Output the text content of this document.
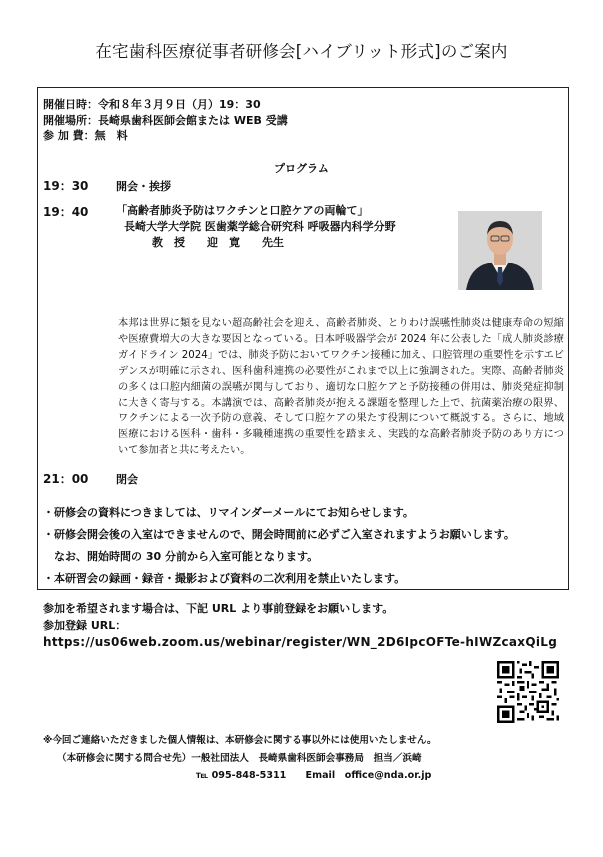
在宅歯科医療従事者研修会[ハイブリット形式]のご案内
開催日時：令和８年３月９日（月）19：30
開催場所：長崎県歯科医師会館または WEB 受講
参 加 費：無　料
プログラム
19：30	開会・挨拶
19：40	「高齢者肺炎予防はワクチンと口腔ケアの両輪て」
長崎大学大学院 医歯薬学総合研究科 呼吸器内科学分野
教　授　　迎　寛　　先生
本邦は世界に類を見ない超高齢社会を迎え、高齢者肺炎、とりわけ誤嚥性肺炎は健康寿命の短縮や医療費増大の大きな要因となっている。日本呼吸器学会が 2024 年に公表した「成人肺炎診療ガイドライン 2024」では、肺炎予防においてワクチン接種に加え、口腔管理の重要性を示すエビデンスが明確に示され、医科歯科連携の必要性がこれまで以上に強調された。実際、高齢者肺炎の多くは口腔内細菌の誤嚥が関与しており、適切な口腔ケアと予防接種の併用は、肺炎発症抑制に大きく寄与する。本講演では、高齢者肺炎が抱える課題を整理した上で、抗菌薬治療の限界、ワクチンによる一次予防の意義、そして口腔ケアの果たす役割について概説する。さらに、地域医療における医科・歯科・多職種連携の重要性を踏まえ、実践的な高齢者肺炎予防のあり方について参加者と共に考えたい。
21：00	閉会
・研修会の資料につきましては、リマインダーメールにてお知らせします。
・研修会開会後の入室はできませんので、開会時間前に必ずご入室されますようお願いします。
　なお、開始時間の 30 分前から入室可能となります。
・本研習会の録画・録音・撮影および資料の二次利用を禁止いたします。
参加を希望されます場合は、下記 URL より事前登録をお願いします。
参加登録 URL：
https://us06web.zoom.us/webinar/register/WN_2D6IpcOFTe-hIWZcaxQiLg
※今回ご連絡いただきました個人情報は、本研修会に関する事以外には使用いたしません。
（本研修会に関する問合せ先）一般社団法人　長崎県歯科医師会事務局　担当／浜崎
℡ 095-848-5311　　Email　office@nda.or.jp
